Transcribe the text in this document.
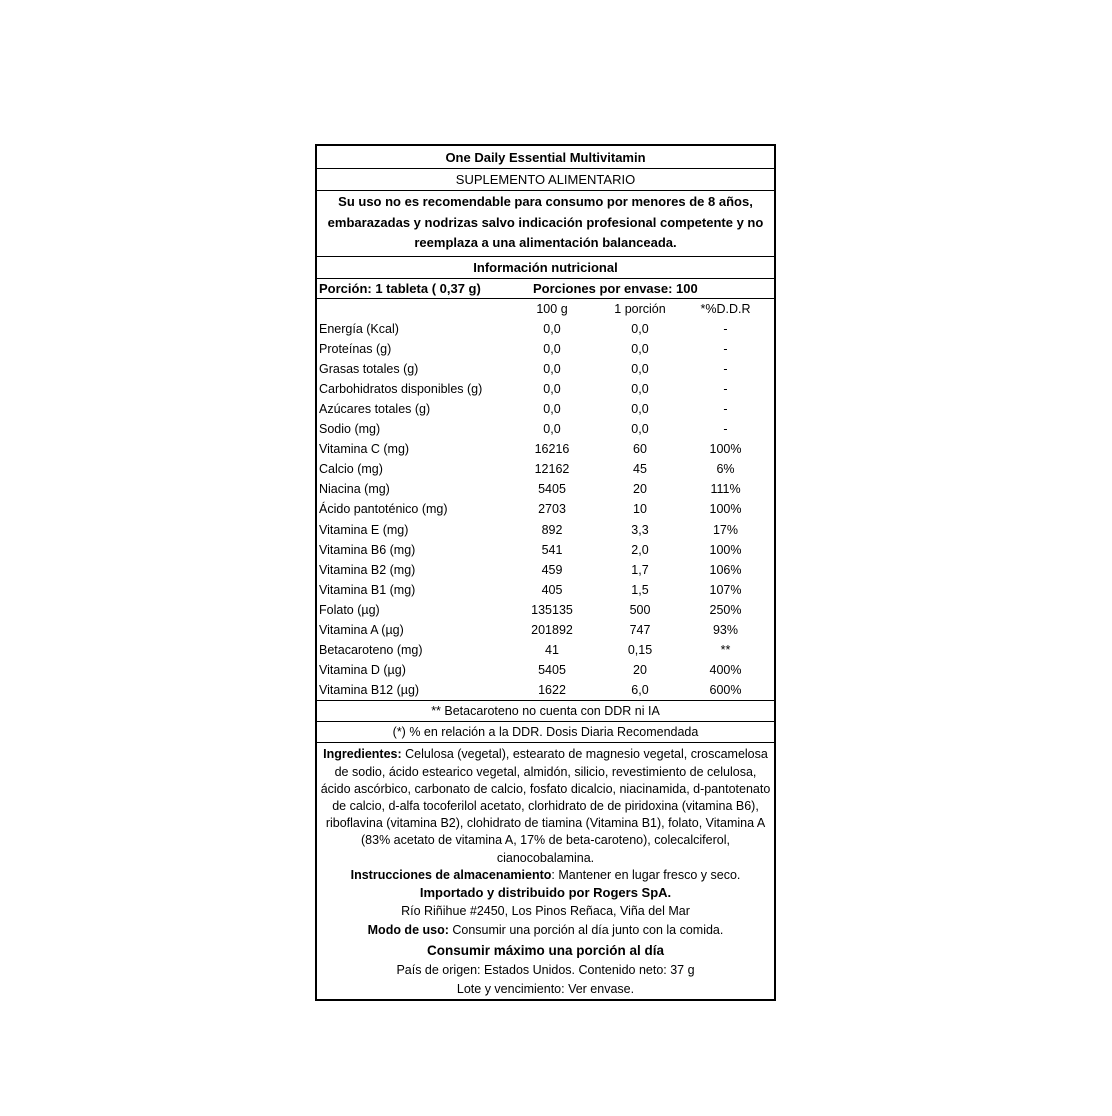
One Daily Essential Multivitamin
SUPLEMENTO ALIMENTARIO
Su uso no es recomendable para consumo por menores de 8 años, embarazadas y nodrizas salvo indicación profesional competente y no reemplaza a una alimentación balanceada.
Información nutricional
Porción: 1 tableta ( 0,37 g)	Porciones por envase: 100
	100 g		1 porción	*%D.D.R
Energía (Kcal)	0,0		0,0	-
Proteínas (g)	0,0		0,0	-
Grasas totales (g)	0,0		0,0	-
Carbohidratos disponibles (g)	0,0		0,0	-
Azúcares totales (g)	0,0		0,0	-
Sodio (mg)	0,0		0,0	-
Vitamina C (mg)	16216		60	100%
Calcio (mg)	12162		45	6%
Niacina (mg)	5405		20	111%
Ácido pantoténico (mg)	2703		10	100%
Vitamina E (mg)	892		3,3	17%
Vitamina B6 (mg)	541		2,0	100%
Vitamina B2 (mg)	459		1,7	106%
Vitamina B1 (mg)	405		1,5	107%
Folato (µg)	135135		500	250%
Vitamina A (µg)	201892		747	93%
Betacaroteno (mg)	41		0,15	**
Vitamina D (µg)	5405		20	400%
Vitamina B12 (µg)	1622		6,0	600%
** Betacaroteno no cuenta con DDR ni IA
(*) % en relación a la DDR. Dosis Diaria Recomendada
Ingredientes: Celulosa (vegetal), estearato de magnesio vegetal, croscamelosa de sodio, ácido estearico vegetal, almidón, silicio, revestimiento de celulosa, ácido ascórbico, carbonato de calcio, fosfato dicalcio, niacinamida, d-pantotenato de calcio, d-alfa tocoferilol acetato, clorhidrato de de piridoxina (vitamina B6), riboflavina (vitamina B2), clohidrato de tiamina (Vitamina B1), folato, Vitamina A (83% acetato de vitamina A, 17% de beta-caroteno), colecalciferol, cianocobalamina.
Instrucciones de almacenamiento: Mantener en lugar fresco y seco.
Importado y distribuido por Rogers SpA.
Río Riñihue #2450, Los Pinos Reñaca, Viña del Mar
Modo de uso: Consumir una porción al día junto con la comida.
Consumir máximo una porción al día
País de origen: Estados Unidos. Contenido neto: 37 g
Lote y vencimiento: Ver envase.
